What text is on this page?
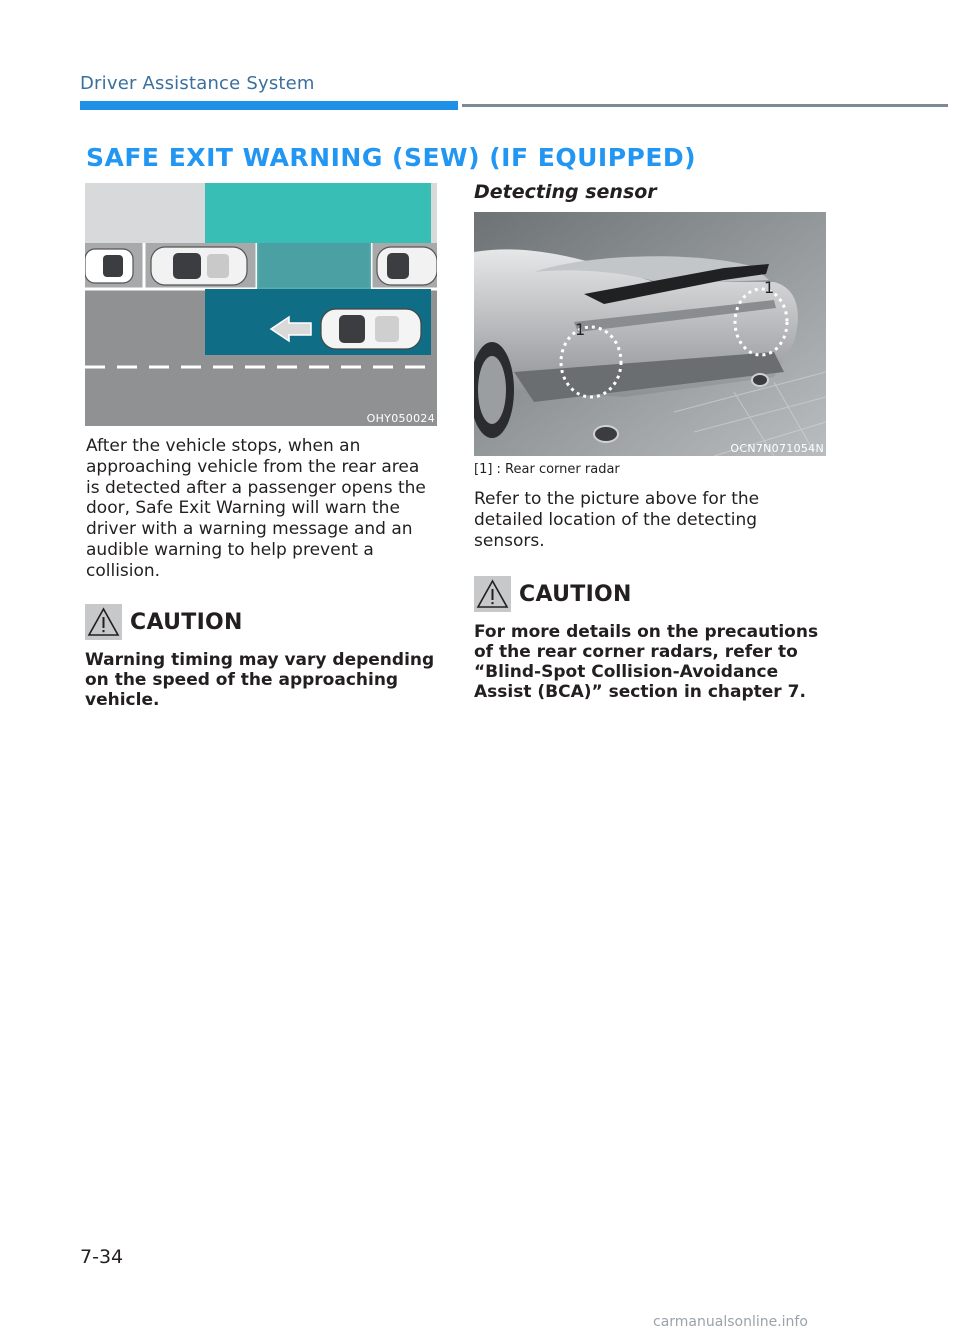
Driver Assistance System
SAFE EXIT WARNING (SEW) (IF EQUIPPED)
OHY050024
After the vehicle stops, when an approaching vehicle from the rear area is detected after a passenger opens the door, Safe Exit Warning will warn the driver with a warning message and an audible warning to help prevent a collision.
CAUTION
Warning timing may vary depending on the speed of the approaching vehicle.
Detecting sensor
1
1
OCN7N071054N
[1] : Rear corner radar
Refer to the picture above for the detailed location of the detecting sensors.
CAUTION
For more details on the precautions of the rear corner radars, refer to “Blind-Spot Collision-Avoidance Assist (BCA)” section in chapter 7.
7-34
carmanualsonline.info
